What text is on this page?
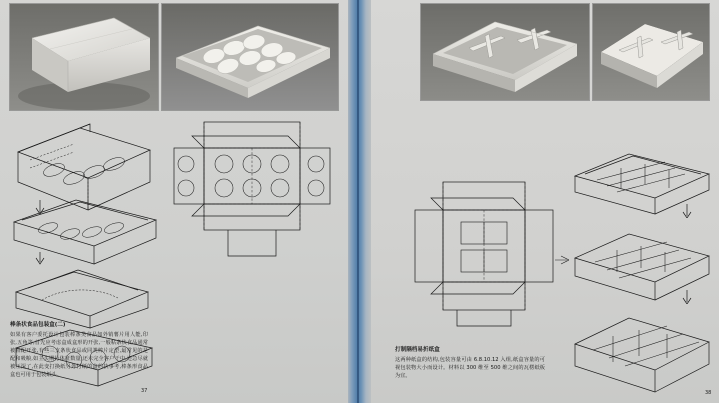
棒条状食品包装盒(二)
如果有客户委托设计包装棒条类食品如外销薯片用人能,印张,五角等,首先应考虑盒成盒形的开张,一般粘条状食品通常被相配开张,有些三支条状食品或同类棒片定型,最常见的是配和吸粮,如主头期行体征数量,还未完全客户干中,还急尽就被压深了,在此变打换纸另外付纸的盒的执事考,棒条形食品盒也可用于包装纸头。
37
打制隔档易折纸盒
这两种纸盒的结构,包装容量可由 6.8.10.12 入组,纸盒容量的可视包装物大小而设计。材料以 300 维至 500 维之间的瓦楞纸板为宜。
38
